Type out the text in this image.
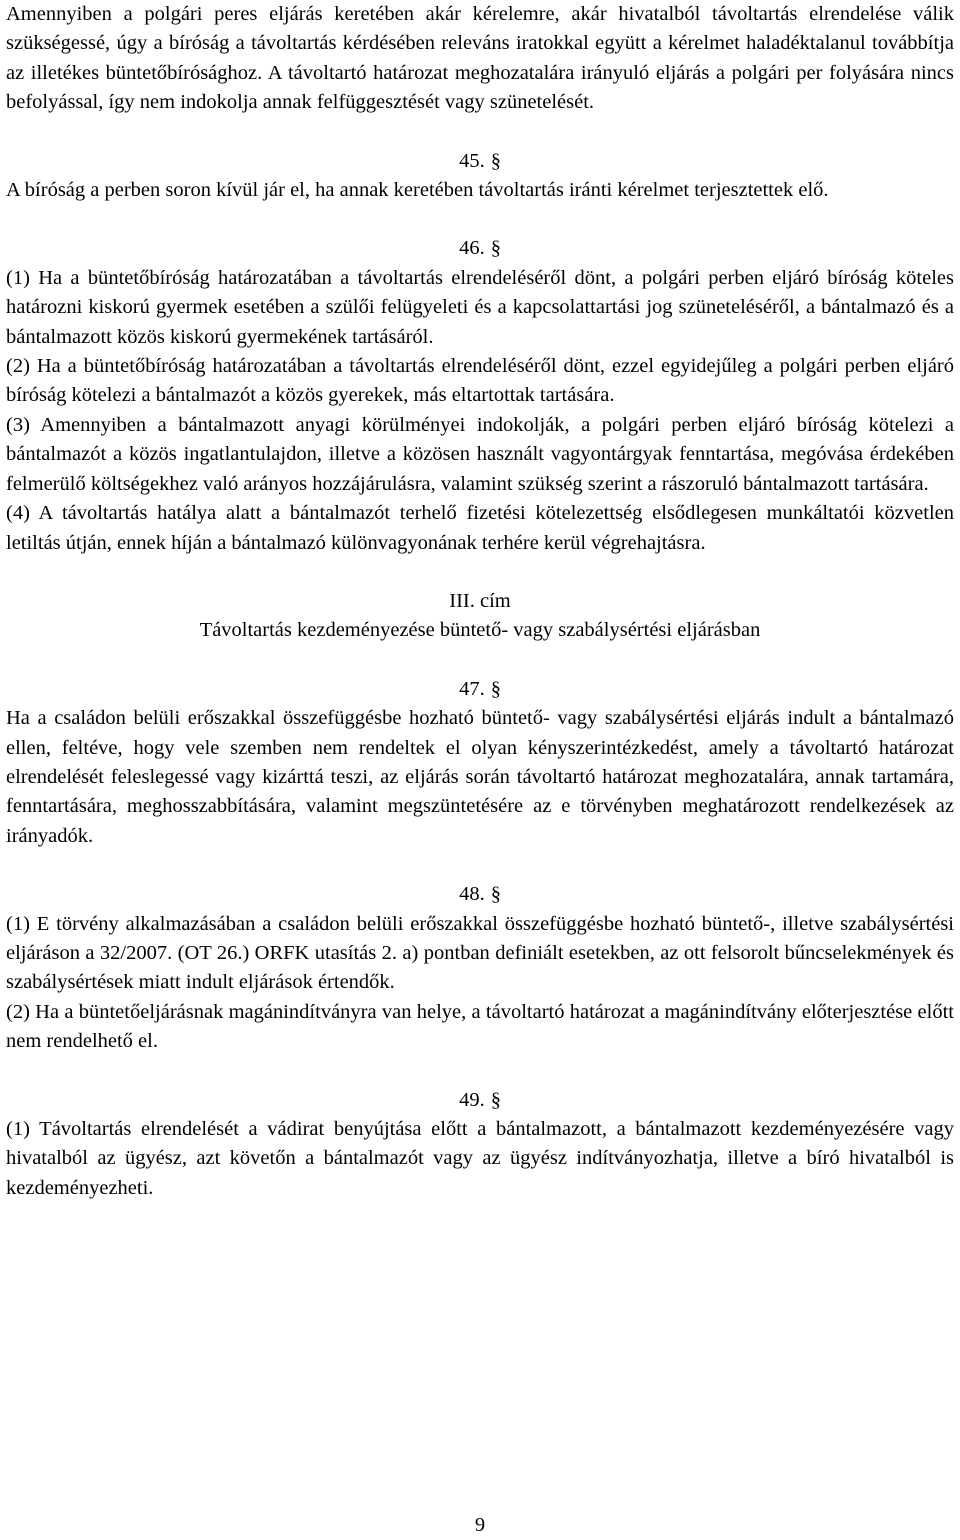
Amennyiben a polgári peres eljárás keretében akár kérelemre, akár hivatalból távoltartás elrendelése válik szükségessé, úgy a bíróság a távoltartás kérdésében releváns iratokkal együtt a kérelmet haladéktalanul továbbítja az illetékes büntetőbírósághoz. A távoltartó határozat meghozatalára irányuló eljárás a polgári per folyására nincs befolyással, így nem indokolja annak felfüggesztését vagy szünetelését.

45. §

A bíróság a perben soron kívül jár el, ha annak keretében távoltartás iránti kérelmet terjesztettek elő.

46. §

(1) Ha a büntetőbíróság határozatában a távoltartás elrendeléséről dönt, a polgári perben eljáró bíróság köteles határozni kiskorú gyermek esetében a szülői felügyeleti és a kapcsolattartási jog szüneteléséről, a bántalmazó és a bántalmazott közös kiskorú gyermekének tartásáról.

(2) Ha a büntetőbíróság határozatában a távoltartás elrendeléséről dönt, ezzel egyidejűleg a polgári perben eljáró bíróság kötelezi a bántalmazót a közös gyerekek, más eltartottak tartására.

(3) Amennyiben a bántalmazott anyagi körülményei indokolják, a polgári perben eljáró bíróság kötelezi a bántalmazót a közös ingatlantulajdon, illetve a közösen használt vagyontárgyak fenntartása, megóvása érdekében felmerülő költségekhez való arányos hozzájárulásra, valamint szükség szerint a rászoruló bántalmazott tartására.

(4) A távoltartás hatálya alatt a bántalmazót terhelő fizetési kötelezettség elsődlegesen munkáltatói közvetlen letiltás útján, ennek híján a bántalmazó különvagyonának terhére kerül végrehajtásra.

III. cím
Távoltartás kezdeményezése büntető- vagy szabálysértési eljárásban
47. §

Ha a családon belüli erőszakkal összefüggésbe hozható büntető- vagy szabálysértési eljárás indult a bántalmazó ellen, feltéve, hogy vele szemben nem rendeltek el olyan kényszerintézkedést, amely a távoltartó határozat elrendelését feleslegessé vagy kizárttá teszi, az eljárás során távoltartó határozat meghozatalára, annak tartamára, fenntartására, meghosszabbítására, valamint megszüntetésére az e törvényben meghatározott rendelkezések az irányadók.

48. §

(1) E törvény alkalmazásában a családon belüli erőszakkal összefüggésbe hozható büntető-, illetve szabálysértési eljáráson a 32/2007. (OT 26.) ORFK utasítás 2. a) pontban definiált esetekben, az ott felsorolt bűncselekmények és szabálysértések miatt indult eljárások értendők.

(2) Ha a büntetőeljárásnak magánindítványra van helye, a távoltartó határozat a magánindítvány előterjesztése előtt nem rendelhető el.

49. §

(1) Távoltartás elrendelését a vádirat benyújtása előtt a bántalmazott, a bántalmazott kezdeményezésére vagy hivatalból az ügyész, azt követőn a bántalmazót vagy az ügyész indítványozhatja, illetve a bíró hivatalból is kezdeményezheti.

9
